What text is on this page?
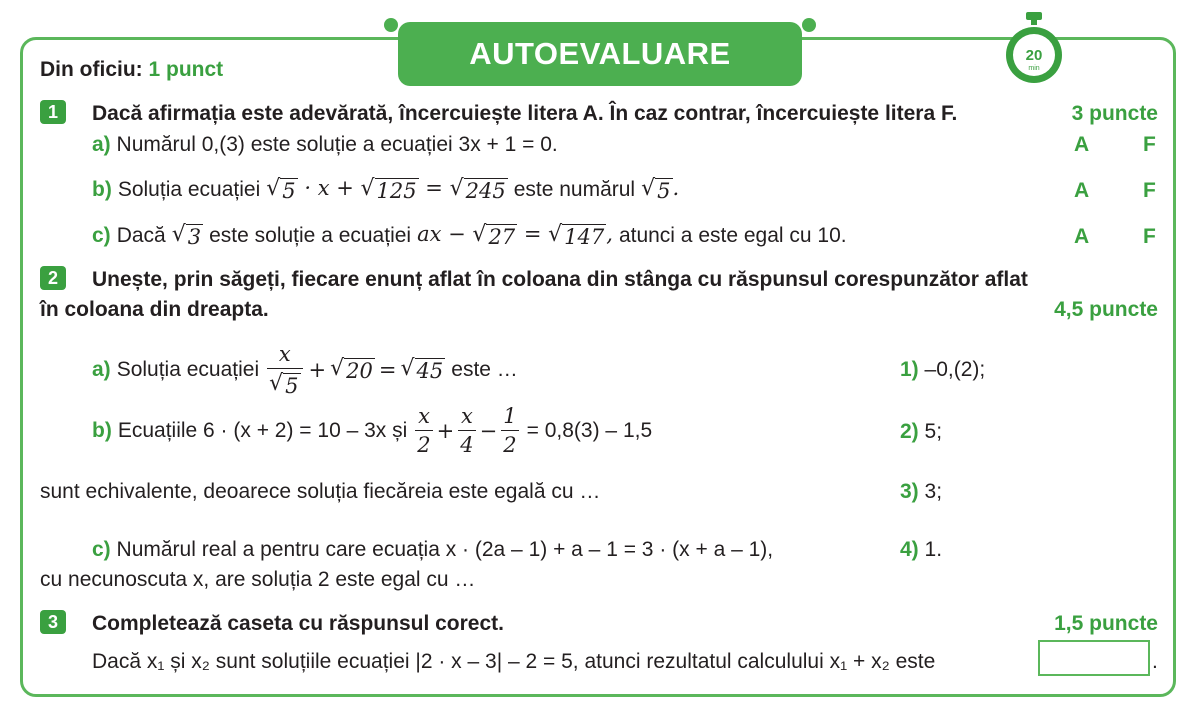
AUTOEVALUARE	20
min
Din oficiu: 1 punct
1	Dacă afirmația este adevărată, încercuiește litera A. În caz contrar, încercuiește litera F.	3 puncte
a) Numărul 0,(3) este soluție a ecuației 3x + 1 = 0.	A	F
b) Soluția ecuației √ 5 · x + √ 125 = √ 245 este numărul √ 5 .	A	F
c) Dacă √ 3 este soluție a ecuației ax − √ 27 = √ 147 , atunci a este egal cu 10.	A	F
2	Unește, prin săgeți, fiecare enunț aflat în coloana din stânga cu răspunsul corespunzător aflat
în coloana din dreapta.	4,5 puncte
a) Soluția ecuației $\frac{x}{√ 5}$ + √ 20 = √ 45 este …
b) Ecuațiile 6 · (x + 2) = 10 – 3x și $\frac{x}{2} + \frac{x}{4} - \frac{1}{2} = 0,8(3) - 1,5$
sunt echivalente, deoarece soluția fiecăreia este egală cu …
c) Numărul real a pentru care ecuația x · (2a – 1) + a – 1 = 3 · (x + a – 1),
cu necunoscuta x, are soluția 2 este egal cu …
1) –0,(2);
2) 5;
3) 3;
4) 1.
3	Completează caseta cu răspunsul corect.	1,5 puncte
Dacă x₁ și x₂ sunt soluțiile ecuației |2 · x – 3| – 2 = 5, atunci rezultatul calculului x₁ + x₂ este	.
